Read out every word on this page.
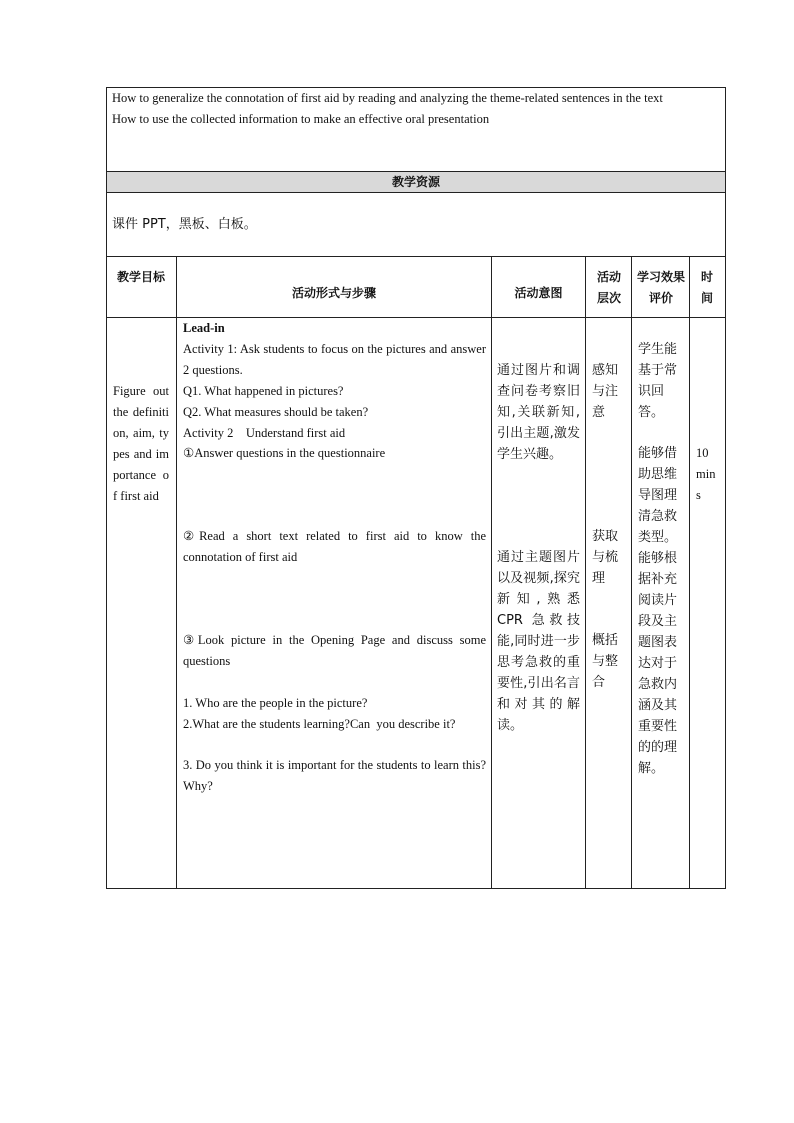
How to generalize the connotation of first aid by reading and analyzing the theme-related sentences in the text

How to use the collected information to make an effective oral presentation

教学资源
课件 PPT，黑板、白板。
教学目标
活动形式与步骤	活动意图
活动层次
学习效果评价
时间
Figure out the definition, aim, types and importance of first aid
Lead-in
Activity 1: Ask students to focus on the pictures and answer 2 questions.
Q1. What happened in pictures?
Q2. What measures should be taken?
Activity 2    Understand first aid
①Answer questions in the questionnaire
②Read a short text related to first aid to know the connotation of first aid
③Look picture in the Opening Page and discuss some questions
1. Who are the people in the picture?
2.What are the students learning?Can  you describe it?
3. Do you think it is important for the students to learn this? Why?
通过图片和调查问卷考察旧知,关联新知,引出主题,激发学生兴趣。
通过主题图片以及视频,探究新知,熟悉 CPR 急救技能,同时进一步思考急救的重要性,引出名言和对其的解读。
感知与注意
获取与梳理
概括与整合
学生能基于常识回答。
能够借助思维导图理清急救类型。能够根据补充阅读片段及主题图表达对于急救内涵及其重要性的的理解。
10 mins
